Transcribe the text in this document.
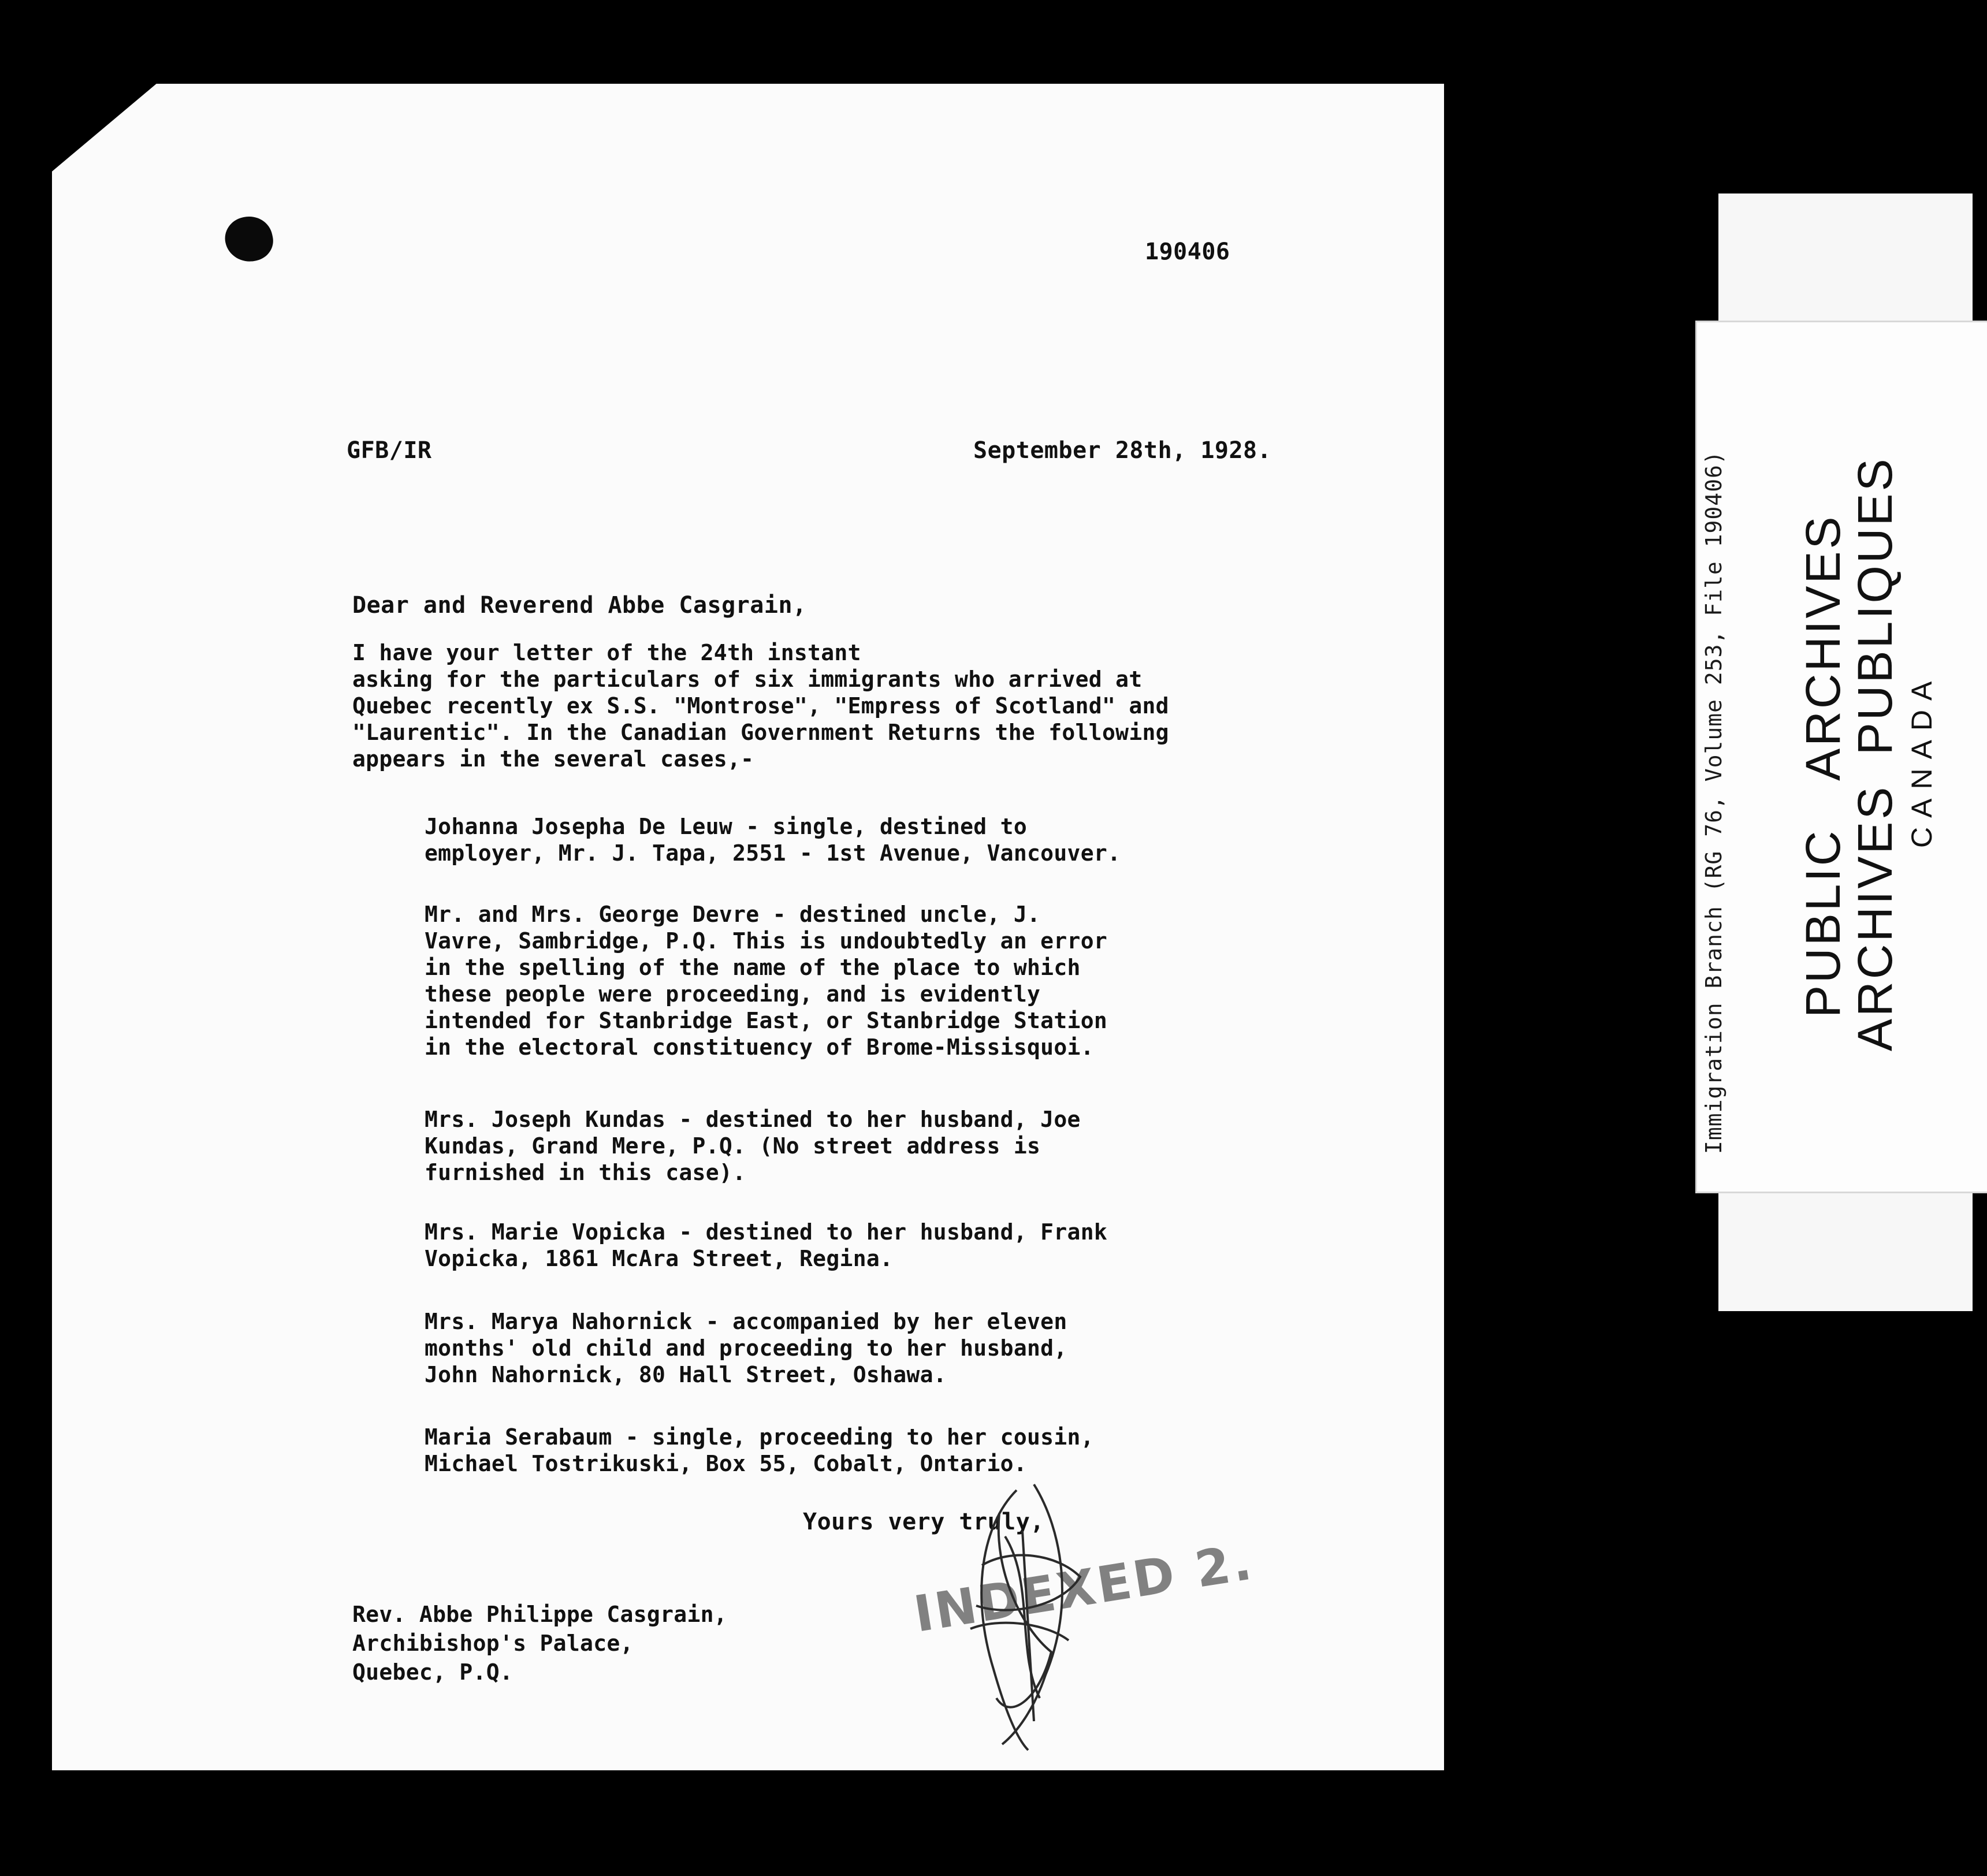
190406
GFB/IR	September 28th, 1928.
Dear and Reverend Abbe Casgrain,
I have your letter of the 24th instant
asking for the particulars of six immigrants who arrived at
Quebec recently ex S.S. "Montrose", "Empress of Scotland" and
"Laurentic". In the Canadian Government Returns the following
appears in the several cases,-
Johanna Josepha De Leuw - single, destined to
employer, Mr. J. Tapa, 2551 - 1st Avenue, Vancouver.
Mr. and Mrs. George Devre - destined uncle, J.
Vavre, Sambridge, P.Q. This is undoubtedly an error
in the spelling of the name of the place to which
these people were proceeding, and is evidently
intended for Stanbridge East, or Stanbridge Station
in the electoral constituency of Brome-Missisquoi.
Mrs. Joseph Kundas - destined to her husband, Joe
Kundas, Grand Mere, P.Q. (No street address is
furnished in this case).
Mrs. Marie Vopicka - destined to her husband, Frank
Vopicka, 1861 McAra Street, Regina.
Mrs. Marya Nahornick - accompanied by her eleven
months' old child and proceeding to her husband,
John Nahornick, 80 Hall Street, Oshawa.
Maria Serabaum - single, proceeding to her cousin,
Michael Tostrikuski, Box 55, Cobalt, Ontario.
Yours very truly,
INDEXED 2.
Rev. Abbe Philippe Casgrain,
Archibishop's Palace,
Quebec, P.Q.
Immigration Branch (RG 76, Volume 253, File 190406) PUBLIC ARCHIVES
ARCHIVES PUBLIQUES CANADA
